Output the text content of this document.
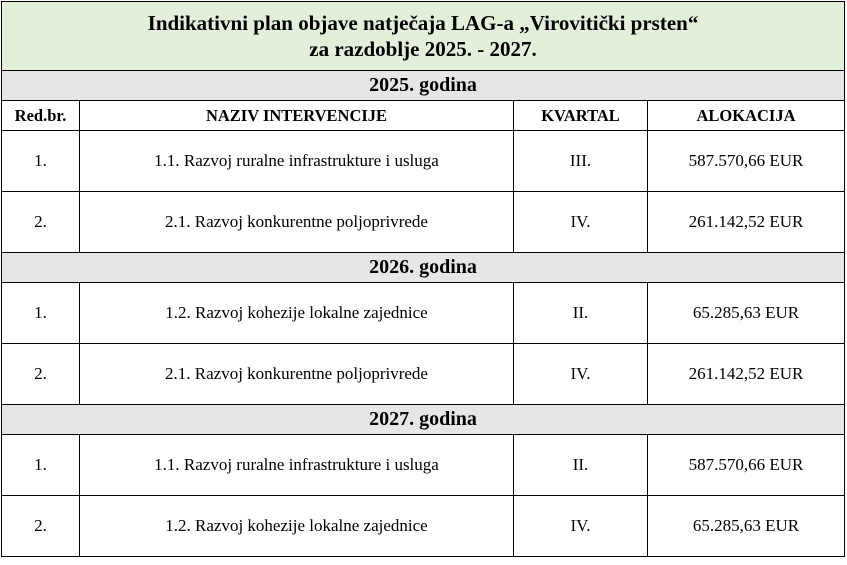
Indikativni plan objave natječaja LAG-a „Virovitički prsten“
za razdoblje 2025. - 2027.			

2025. godina			
Red.br.	NAZIV INTERVENCIJE	KVARTAL	ALOKACIJA
1.	1.1. Razvoj ruralne infrastrukture i usluga	III.	587.570,66 EUR
2.	2.1. Razvoj konkurentne poljoprivrede	IV.	261.142,52 EUR
2026. godina			
1.	1.2. Razvoj kohezije lokalne zajednice	II.	65.285,63 EUR
2.	2.1. Razvoj konkurentne poljoprivrede	IV.	261.142,52 EUR
2027. godina			
1.	1.1. Razvoj ruralne infrastrukture i usluga	II.	587.570,66 EUR
2.	1.2. Razvoj kohezije lokalne zajednice	IV.	65.285,63 EUR
